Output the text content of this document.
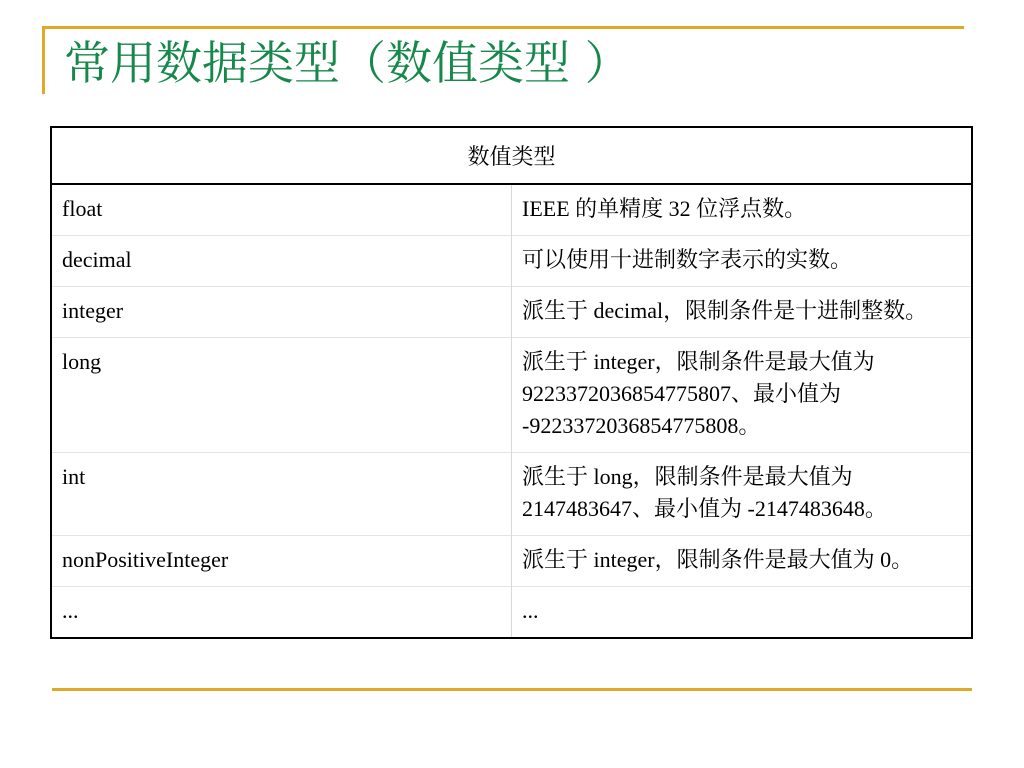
常用数据类型（数值类型 ）
数值类型	
float	IEEE 的单精度 32 位浮点数。
decimal	可以使用十进制数字表示的实数。
integer	派生于 decimal，限制条件是十进制整数。
long	派生于 integer，限制条件是最大值为 9223372036854775807、最小值为 -9223372036854775808。
int	派生于 long，限制条件是最大值为 2147483647、最小值为 -2147483648。
nonPositiveInteger	派生于 integer，限制条件是最大值为 0。
...	...
